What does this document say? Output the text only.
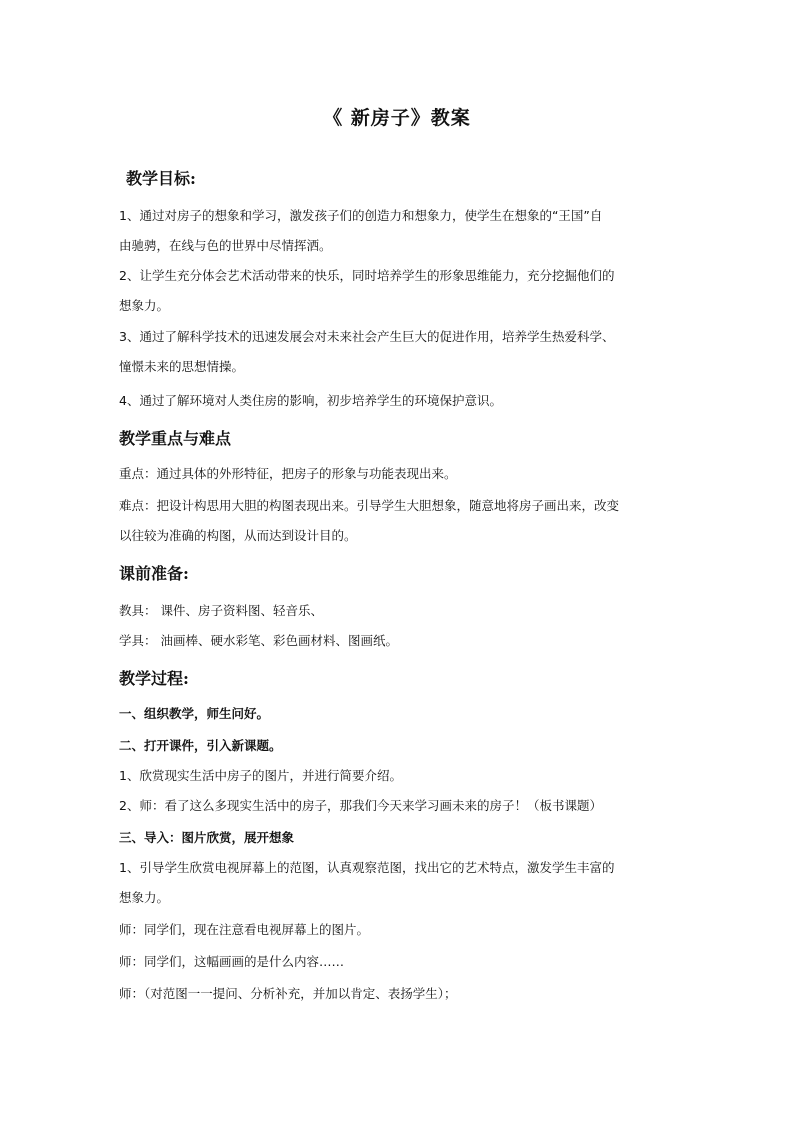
《 新房子》教案
教学目标:
1、通过对房子的想象和学习，激发孩子们的创造力和想象力，使学生在想象的“王国”自
由驰骋，在线与色的世界中尽情挥洒。
2、让学生充分体会艺术活动带来的快乐，同时培养学生的形象思维能力，充分挖掘他们的
想象力。
3、通过了解科学技术的迅速发展会对未来社会产生巨大的促进作用，培养学生热爱科学、
憧憬未来的思想情操。
4、通过了解环境对人类住房的影响，初步培养学生的环境保护意识。
教学重点与难点
重点：通过具体的外形特征，把房子的形象与功能表现出来。
难点：把设计构思用大胆的构图表现出来。引导学生大胆想象，随意地将房子画出来，改变
以往较为准确的构图，从而达到设计目的。
课前准备:
教具： 课件、房子资料图、轻音乐、
学具： 油画棒、硬水彩笔、彩色画材料、图画纸。
教学过程:
一、组织教学，师生问好。
二、打开课件，引入新课题。
1、欣赏现实生活中房子的图片，并进行简要介绍。
2、师：看了这么多现实生活中的房子，那我们今天来学习画未来的房子！（板书课题）
三、导入：图片欣赏，展开想象
1、引导学生欣赏电视屏幕上的范图，认真观察范图，找出它的艺术特点，激发学生丰富的
想象力。
师：同学们，现在注意看电视屏幕上的图片。
师：同学们，这幅画画的是什么内容……
师：（对范图一一提问、分析补充，并加以肯定、表扬学生）；
